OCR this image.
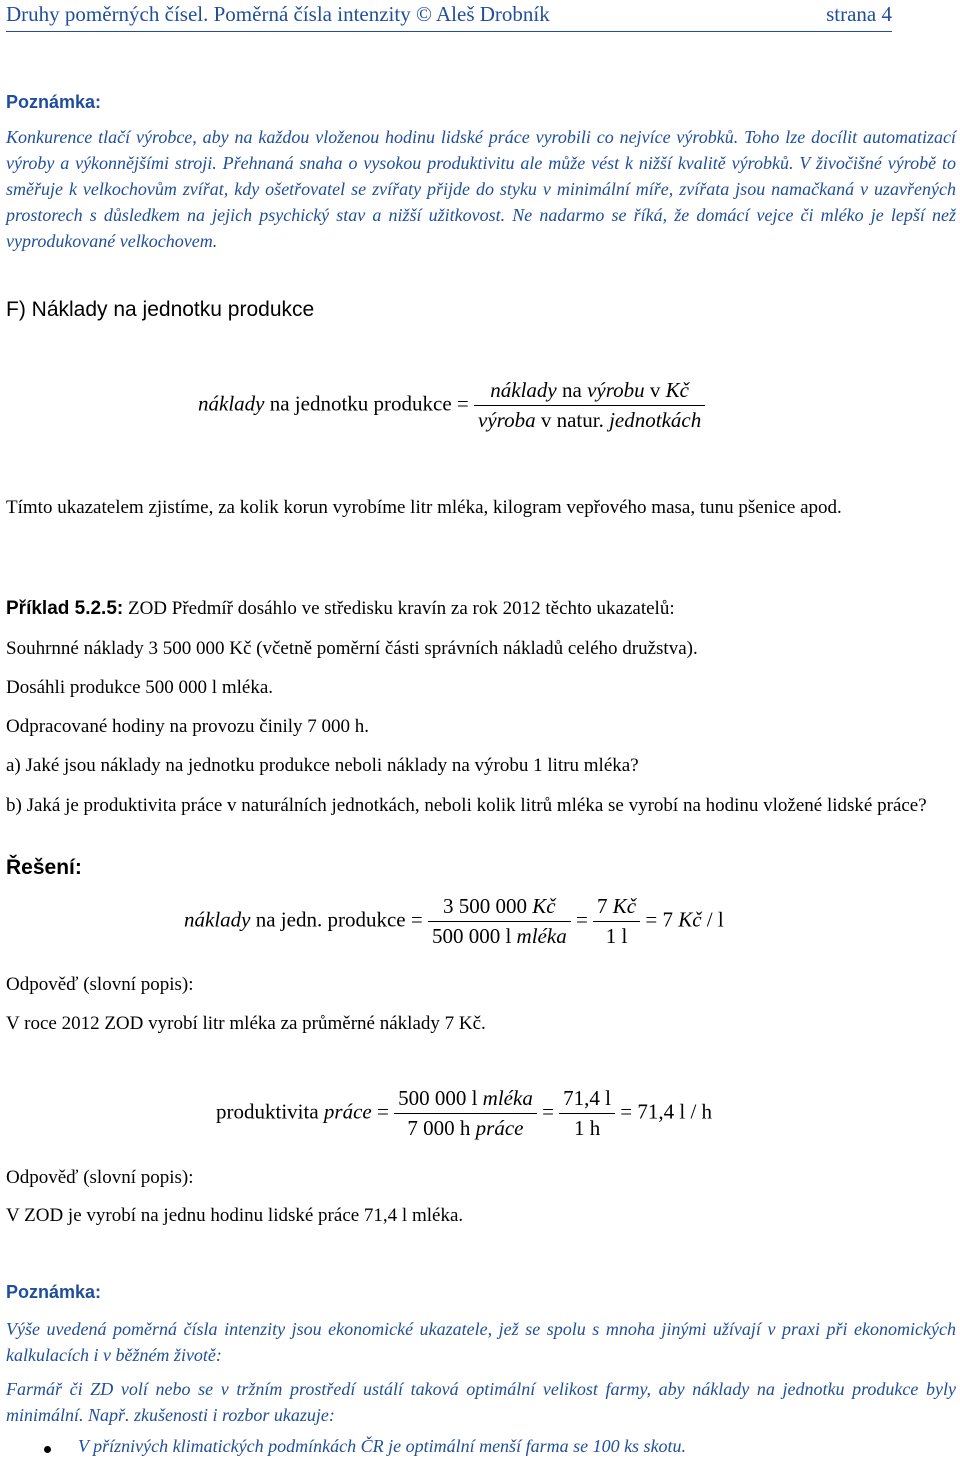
Druhy poměrných čísel. Poměrná čísla intenzity © Aleš Drobník	strana 4
Poznámka:
Konkurence tlačí výrobce, aby na každou vloženou hodinu lidské práce vyrobili co nejvíce výrobků. Toho lze docílit automatizací výroby a výkonnějšími stroji. Přehnaná snaha o vysokou produktivitu ale může vést k nižší kvalitě výrobků. V živočišné výrobě to směřuje k velkochovům zvířat, kdy ošetřovatel se zvířaty přijde do styku v minimální míře, zvířata jsou namačkaná v uzavřených prostorech s důsledkem na jejich psychický stav a nižší užitkovost. Ne nadarmo se říká, že domácí vejce či mléko je lepší než vyprodukované velkochovem.
F) Náklady na jednotku produkce
náklady na jednotku produkce = $\frac{\text{náklady na výrobu v Kč}}{\text{výroba v natur. jednotkách}}$
Tímto ukazatelem zjistíme, za kolik korun vyrobíme litr mléka, kilogram vepřového masa, tunu pšenice apod.
Příklad 5.2.5: ZOD Předmíř dosáhlo ve středisku kravín za rok 2012 těchto ukazatelů:
Souhrnné náklady 3 500 000 Kč (včetně poměrní části správních nákladů celého družstva).
Dosáhli produkce 500 000 l mléka.
Odpracované hodiny na provozu činily 7 000 h.
a) Jaké jsou náklady na jednotku produkce neboli náklady na výrobu 1 litru mléka?
b) Jaká je produktivita práce v naturálních jednotkách, neboli kolik litrů mléka se vyrobí na hodinu vložené lidské práce?
Řešení:
náklady na jedn. produkce = $\frac{3 500 000 Kč}{\text{500 000 l mléka}} = \frac{7 Kč}{1 l} = 7$ Kč / l
Odpověď (slovní popis):
V roce 2012 ZOD vyrobí litr mléka za průměrné náklady 7 Kč.
produktivita práce = $\frac{\text{500 000 l mléka}}{\text{7 000 h práce}} = \frac{71,4 l}{1 h} = 71,4$ l / h
Odpověď (slovní popis):
V ZOD je vyrobí na jednu hodinu lidské práce 71,4 l mléka.
Poznámka:
Výše uvedená poměrná čísla intenzity jsou ekonomické ukazatele, jež se spolu s mnoha jinými užívají v praxi při ekonomických kalkulacích i v běžném životě:
Farmář či ZD volí nebo se v tržním prostředí ustálí taková optimální velikost farmy, aby náklady na jednotku produkce byly minimální. Např. zkušenosti i rozbor ukazuje:
V příznivých klimatických podmínkách ČR je optimální menší farma se 100 ks skotu.
